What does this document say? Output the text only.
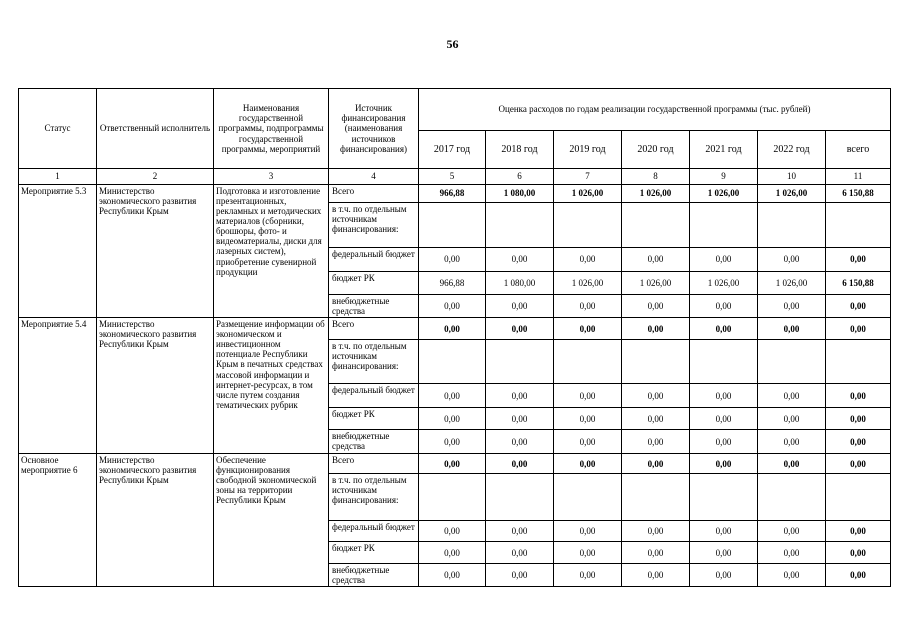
56
Статус	Ответственный исполнитель	Наименования государственной программы, подпрограммы государственной программы, мероприятий	Источник финансирования (наименования источников финансирования)	Оценка расходов по годам реализации государственной программы (тыс. рублей)						
				2017 год	2018 год	2019 год	2020 год	2021 год	2022 год	всего
1	2	3	4	5	6	7	8	9	10	11
Мероприятие 5.3	Министерство экономического развития Республики Крым	Подготовка и изготовление презентационных, рекламных и методических материалов (сборники, брошюры, фото- и видеоматериалы, диски для лазерных систем), приобретение сувенирной продукции	Всего	966,88	1 080,00	1 026,00	1 026,00	1 026,00	1 026,00	6 150,88
			в т.ч. по отдельным источникам финансирования:							
			федеральный бюджет	0,00	0,00	0,00	0,00	0,00	0,00	0,00
			бюджет РК	966,88	1 080,00	1 026,00	1 026,00	1 026,00	1 026,00	6 150,88
			внебюджетные средства	0,00	0,00	0,00	0,00	0,00	0,00	0,00
Мероприятие 5.4	Министерство экономического развития Республики Крым	Размещение информации об экономическом и инвестиционном потенциале Республики Крым в печатных средствах массовой информации и интернет-ресурсах, в том числе путем создания тематических рубрик	Всего	0,00	0,00	0,00	0,00	0,00	0,00	0,00
			в т.ч. по отдельным источникам финансирования:							
			федеральный бюджет	0,00	0,00	0,00	0,00	0,00	0,00	0,00
			бюджет РК	0,00	0,00	0,00	0,00	0,00	0,00	0,00
			внебюджетные средства	0,00	0,00	0,00	0,00	0,00	0,00	0,00
Основное мероприятие 6	Министерство экономического развития Республики Крым	Обеспечение функционирования свободной экономической зоны на территории Республики Крым	Всего	0,00	0,00	0,00	0,00	0,00	0,00	0,00
			в т.ч. по отдельным источникам финансирования:							
			федеральный бюджет	0,00	0,00	0,00	0,00	0,00	0,00	0,00
			бюджет РК	0,00	0,00	0,00	0,00	0,00	0,00	0,00
			внебюджетные средства	0,00	0,00	0,00	0,00	0,00	0,00	0,00
